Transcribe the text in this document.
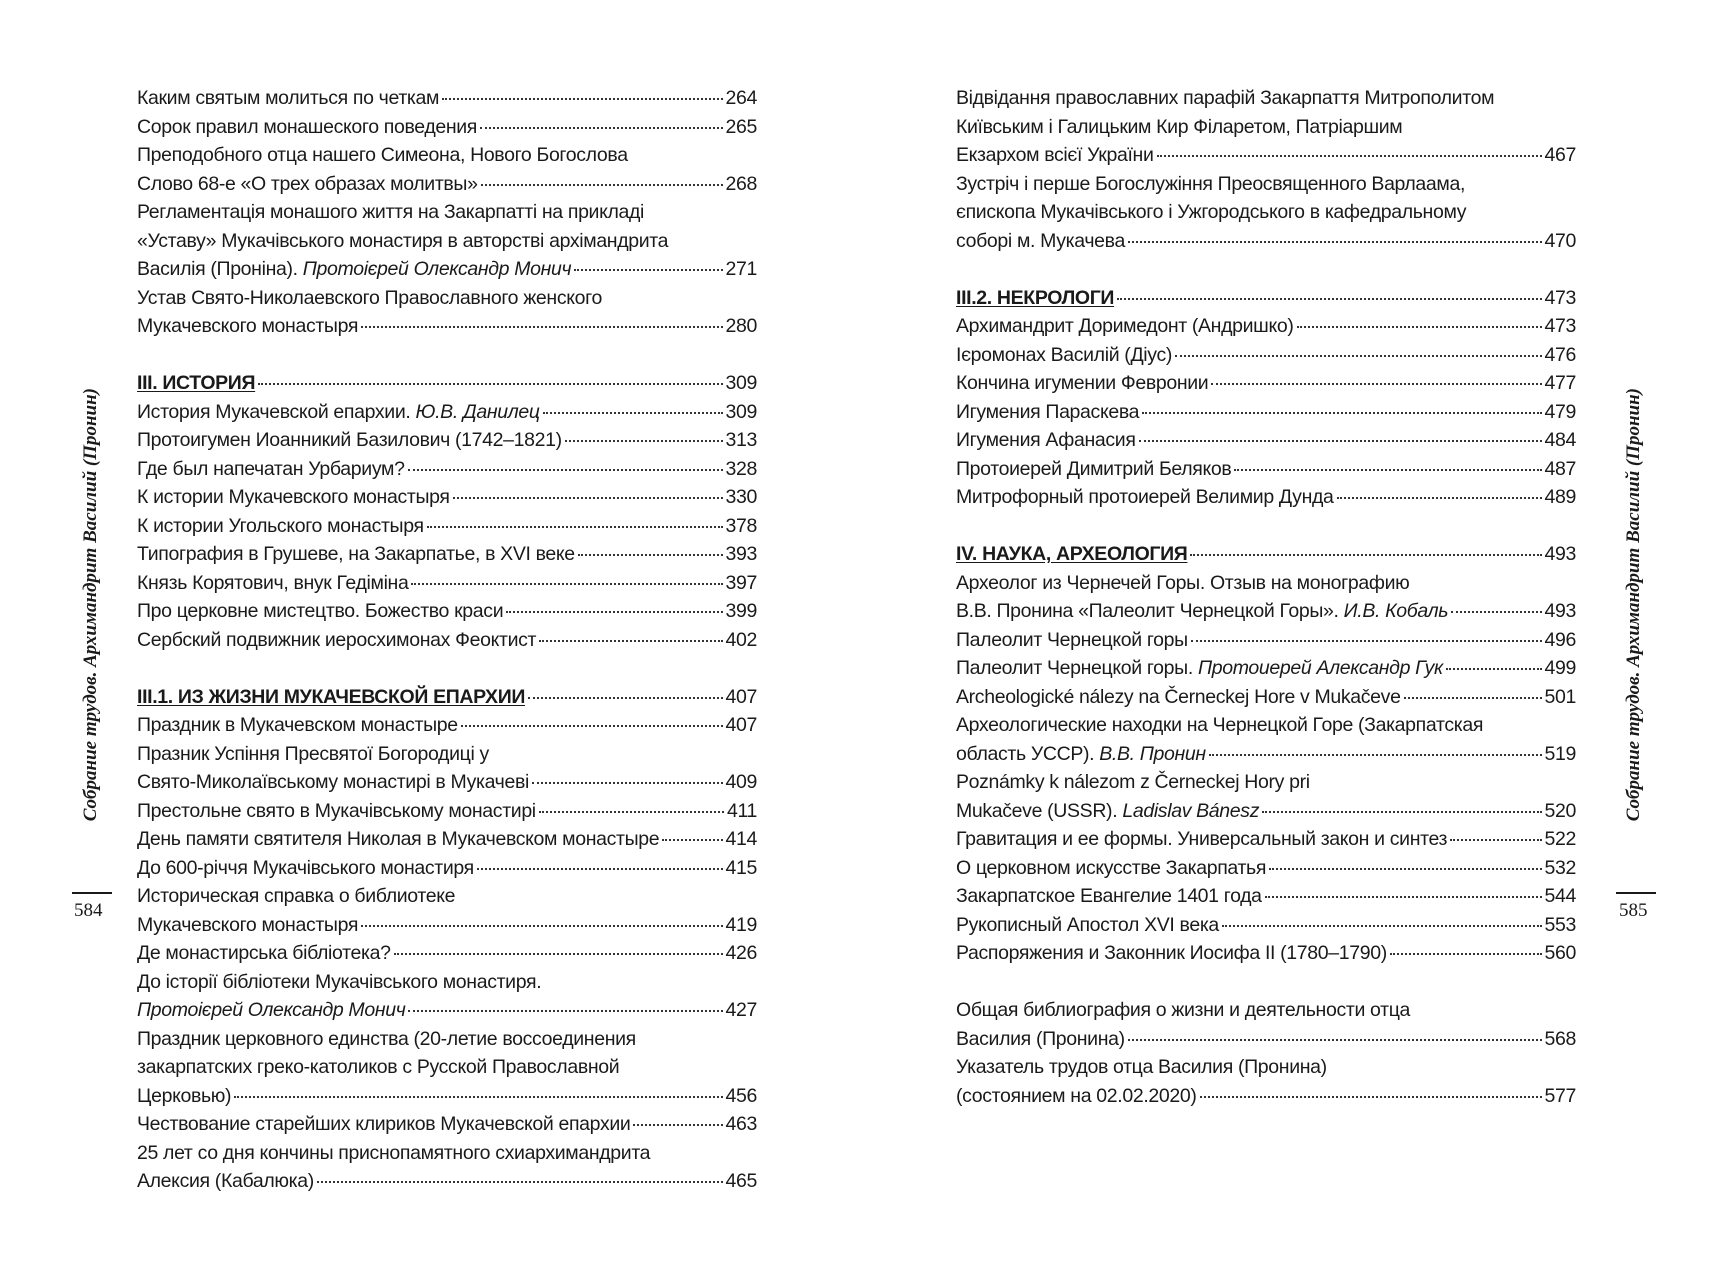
Собрание трудов. Архимандрит Василий (Пронин)
584
Каким святым молиться по четкам	264
Сорок правил монашеского поведения	265
Преподобного отца нашего Симеона, Нового Богослова
Слово 68-е «О трех образах молитвы»	268
Регламентація монашого життя на Закарпатті на прикладі
«Уставу» Мукачівського монастиря в авторстві архімандрита
Василія (Проніна). Протоієрей Олександр Монич	271
Устав Свято-Николаевского Православного женского
Мукачевского монастыря	280
III. ИСТОРИЯ	309
История Мукачевской епархии. Ю.В. Данилец	309
Протоигумен Иоанникий Базилович (1742–1821)	313
Где был напечатан Урбариум?	328
К истории Мукачевского монастыря	330
К истории Угольского монастыря	378
Типография в Грушеве, на Закарпатье, в XVI веке	393
Князь Корятович, внук Гедіміна	397
Про церковне мистецтво. Божество краси	399
Сербский подвижник иеросхимонах Феоктист	402
III.1. ИЗ ЖИЗНИ МУКАЧЕВСКОЙ ЕПАРХИИ	407
Праздник в Мукачевском монастыре	407
Празник Успіння Пресвятої Богородиці у
Свято-Миколаївському монастирі в Мукачеві	409
Престольне свято в Мукачівському монастирі	411
День памяти святителя Николая в Мукачевском монастыре	414
До 600-річчя Мукачівського монастиря	415
Историческая справка о библиотеке
Мукачевского монастыря	419
Де монастирська бібліотека?	426
До історії бібліотеки Мукачівського монастиря.
Протоієрей Олександр Монич	427
Праздник церковного единства (20-летие воссоединения
закарпатских греко-католиков с Русской Православной
Церковью)	456
Чествование старейших клириков Мукачевской епархии	463
25 лет со дня кончины приснопамятного схиархимандрита
Алексия (Кабалюка)	465
Собрание трудов. Архимандрит Василий (Пронин)
585
Відвідання православних парафій Закарпаття Митрополитом
Київським і Галицьким Кир Філаретом, Патріаршим
Екзархом всієї України	467
Зустріч і перше Богослужіння Преосвященного Варлаама,
єпископа Мукачівського і Ужгородського в кафедральному
соборі м. Мукачева	470
III.2. НЕКРОЛОГИ	473
Архимандрит Доримедонт (Андришко)	473
Ієромонах Василій (Діус)	476
Кончина игумении Февронии	477
Игумения Параскева	479
Игумения Афанасия	484
Протоиерей Димитрий Беляков	487
Митрофорный протоиерей Велимир Дунда	489
IV. НАУКА, АРХЕОЛОГИЯ	493
Археолог из Чернечей Горы. Отзыв на монографию
В.В. Пронина «Палеолит Чернецкой Горы». И.В. Кобаль	493
Палеолит Чернецкой горы	496
Палеолит Чернецкой горы. Протоиерей Александр Гук	499
Archeologické nálezy na Černeckej Hore v Mukačeve	501
Археологические находки на Чернецкой Горе (Закарпатская
область УССР). В.В. Пронин	519
Poznámky k nálezom z Černeckej Hory pri
Mukačeve (USSR). Ladislav Bánesz	520
Гравитация и ее формы. Универсальный закон и синтез	522
О церковном искусстве Закарпатья	532
Закарпатское Евангелие 1401 года	544
Рукописный Апостол XVI века	553
Распоряжения и Законник Иосифа II (1780–1790)	560
Общая библиография о жизни и деятельности отца
Василия (Пронина)	568
Указатель трудов отца Василия (Пронина)
(состоянием на 02.02.2020)	577
